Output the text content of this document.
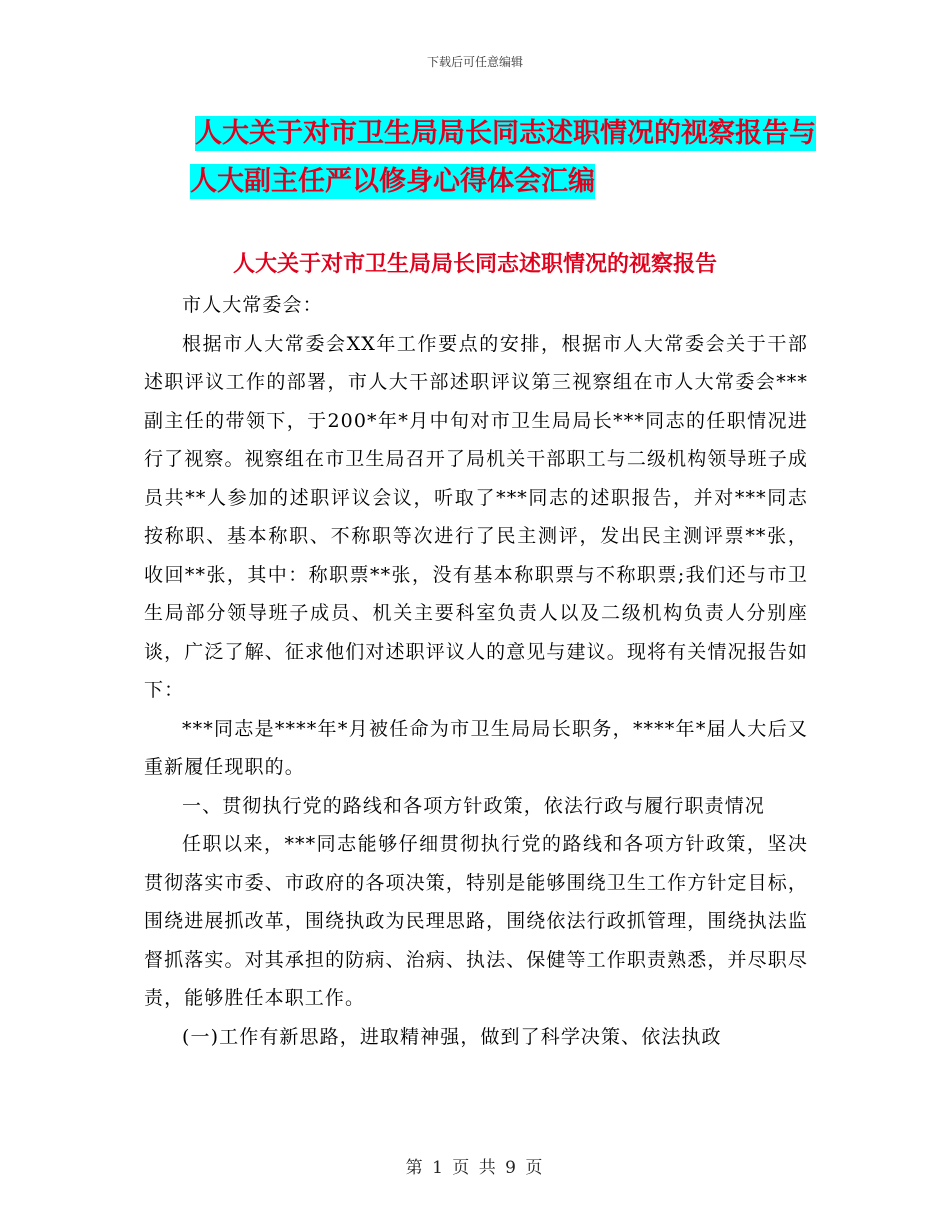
下载后可任意编辑
人大关于对市卫生局局长同志述职情况的视察报告与
人大副主任严以修身心得体会汇编
人大关于对市卫生局局长同志述职情况的视察报告

市人大常委会：

根据市人大常委会XX年工作要点的安排，根据市人大常委会关于干部述职评议工作的部署，市人大干部述职评议第三视察组在市人大常委会***副主任的带领下，于200*年*月中旬对市卫生局局长***同志的任职情况进行了视察。视察组在市卫生局召开了局机关干部职工与二级机构领导班子成员共**人参加的述职评议会议，听取了***同志的述职报告，并对***同志按称职、基本称职、不称职等次进行了民主测评，发出民主测评票**张，收回**张，其中：称职票**张，没有基本称职票与不称职票;我们还与市卫生局部分领导班子成员、机关主要科室负责人以及二级机构负责人分别座谈，广泛了解、征求他们对述职评议人的意见与建议。现将有关情况报告如下：

***同志是****年*月被任命为市卫生局局长职务，****年*届人大后又重新履任现职的。

一、贯彻执行党的路线和各项方针政策，依法行政与履行职责情况

任职以来，***同志能够仔细贯彻执行党的路线和各项方针政策，坚决贯彻落实市委、市政府的各项决策，特别是能够围绕卫生工作方针定目标，围绕进展抓改革，围绕执政为民理思路，围绕依法行政抓管理，围绕执法监督抓落实。对其承担的防病、治病、执法、保健等工作职责熟悉，并尽职尽责，能够胜任本职工作。

(一)工作有新思路，进取精神强，做到了科学决策、依法执政

第 1 页 共 9 页
